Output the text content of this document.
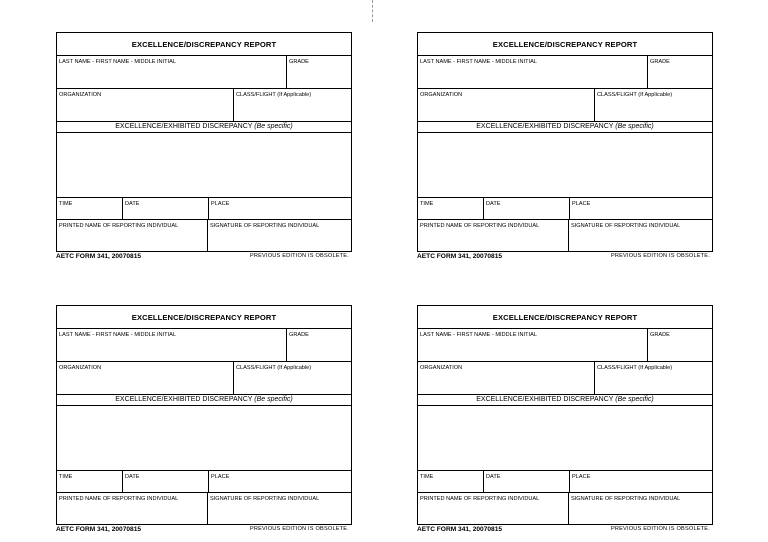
EXCELLENCE/DISCREPANCY REPORT
LAST NAME - FIRST NAME - MIDDLE INITIAL	GRADE
ORGANIZATION	CLASS/FLIGHT (If Applicable)
EXCELLENCE/EXHIBITED DISCREPANCY (Be specific)
TIME	DATE	PLACE
PRINTED NAME OF REPORTING INDIVIDUAL	SIGNATURE OF REPORTING INDIVIDUAL
AETC FORM 341, 20070815	PREVIOUS EDITION IS OBSOLETE.
EXCELLENCE/DISCREPANCY REPORT
LAST NAME - FIRST NAME - MIDDLE INITIAL	GRADE
ORGANIZATION	CLASS/FLIGHT (If Applicable)
EXCELLENCE/EXHIBITED DISCREPANCY (Be specific)
TIME	DATE	PLACE
PRINTED NAME OF REPORTING INDIVIDUAL	SIGNATURE OF REPORTING INDIVIDUAL
AETC FORM 341, 20070815	PREVIOUS EDITION IS OBSOLETE.
EXCELLENCE/DISCREPANCY REPORT
LAST NAME - FIRST NAME - MIDDLE INITIAL	GRADE
ORGANIZATION	CLASS/FLIGHT (If Applicable)
EXCELLENCE/EXHIBITED DISCREPANCY (Be specific)
TIME	DATE	PLACE
PRINTED NAME OF REPORTING INDIVIDUAL	SIGNATURE OF REPORTING INDIVIDUAL
AETC FORM 341, 20070815	PREVIOUS EDITION IS OBSOLETE.
EXCELLENCE/DISCREPANCY REPORT
LAST NAME - FIRST NAME - MIDDLE INITIAL	GRADE
ORGANIZATION	CLASS/FLIGHT (If Applicable)
EXCELLENCE/EXHIBITED DISCREPANCY (Be specific)
TIME	DATE	PLACE
PRINTED NAME OF REPORTING INDIVIDUAL	SIGNATURE OF REPORTING INDIVIDUAL
AETC FORM 341, 20070815	PREVIOUS EDITION IS OBSOLETE.
